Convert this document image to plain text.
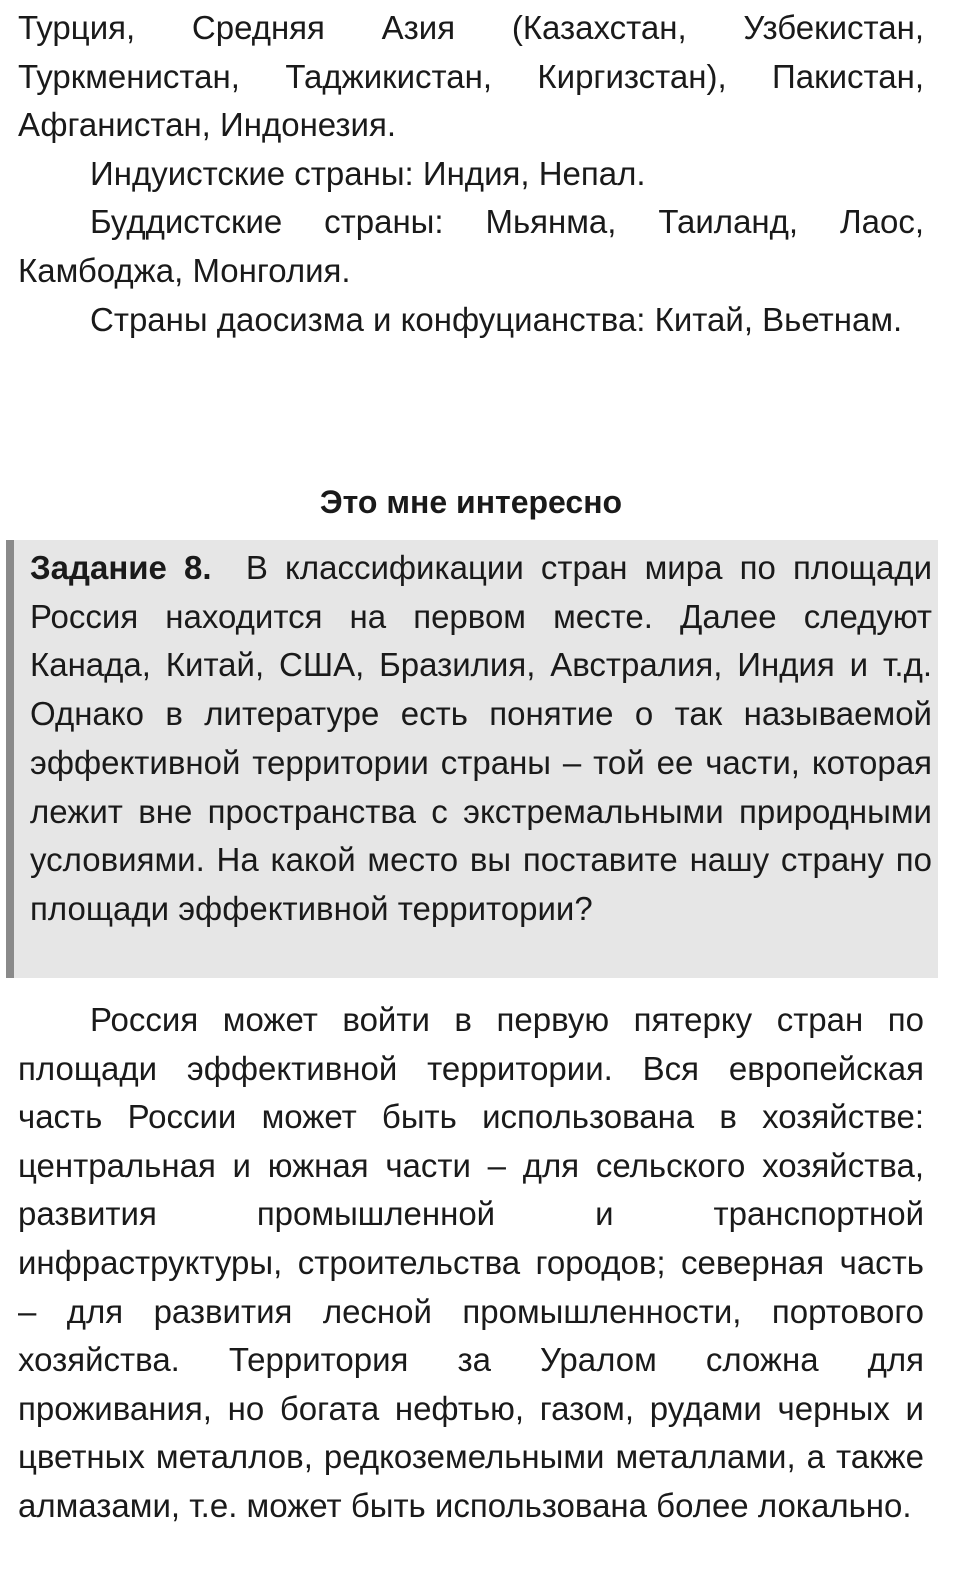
Турция, Средняя Азия (Казахстан, Узбекистан, Туркменистан, Таджикистан, Киргизстан), Пакистан, Афганистан, Индонезия.

Индуистские страны: Индия, Непал.

Буддистские страны: Мьянма, Таиланд, Лаос, Камбоджа, Монголия.

Страны даосизма и конфуцианства: Китай, Вьетнам.

Это мне интересно

Задание 8. В классификации стран мира по площади Россия находится на первом месте. Далее следуют Канада, Китай, США, Бразилия, Австралия, Индия и т.д. Однако в литературе есть понятие о так называемой эффективной территории страны – той ее части, которая лежит вне пространства с экстремальными природными условиями. На какой место вы поставите нашу страну по площади эффективной территории?

Россия может войти в первую пятерку стран по площади эффективной территории. Вся европейская часть России может быть использована в хозяйстве: центральная и южная части – для сельского хозяйства, развития промышленной и транспортной инфраструктуры, строительства городов; северная часть – для развития лесной промышленности, портового хозяйства. Территория за Уралом сложна для проживания, но богата нефтью, газом, рудами черных и цветных металлов, редкоземельными металлами, а также алмазами, т.е. может быть использована более локально.
